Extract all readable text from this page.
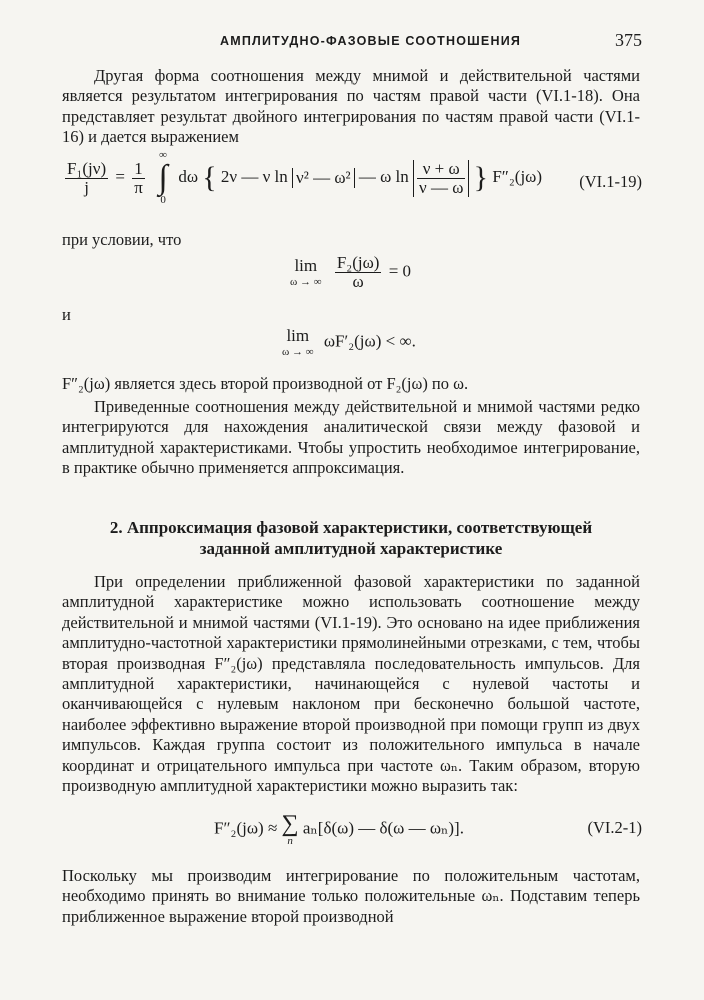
АМПЛИТУДНО-ФАЗОВЫЕ СООТНОШЕНИЯ	375

Другая форма соотношения между мнимой и действительной частями является результатом интегрирования по частям правой части (VI.1-18). Она представляет результат двойного интегрирования по частям правой части (VI.1-16) и дается выражением

$\frac{\text{F₁(jν)}}{j} = \frac{1}{\pi}$

∞
∫
0
dω { 2ν — ν ln ν² — ω² — ω $\ln \frac{\nu + \omega}{\nu — \omega}$ } F″₂(jω) (VI.1-19)

при условии, что

lim
ω → ∞
$\frac{\text{F₂(jω)}}{\omega} = 0$

и

lim
ω → ∞
ωF′₂(jω) < ∞.

F″₂(jω) является здесь второй производной от F₂(jω) по ω.

Приведенные соотношения между действительной и мнимой частями редко интегрируются для нахождения аналитической связи между фазовой и амплитудной характеристиками. Чтобы упростить необходимое интегрирование, в практике обычно применяется аппроксимация.

2. Аппроксимация фазовой характеристики, соответствующей
заданной амплитудной характеристике

При определении приближенной фазовой характеристики по заданной амплитудной характеристике можно использовать соотношение между действительной и мнимой частями (VI.1-19). Это основано на идее приближения амплитудно-частотной характеристики прямолинейными отрезками, с тем, чтобы вторая производная F″₂(jω) представляла последовательность импульсов. Для амплитудной характеристики, начинающейся с нулевой частоты и оканчивающейся с нулевым наклоном при бесконечно большой частоте, наиболее эффективно выражение второй производной при помощи групп из двух импульсов. Каждая группа состоит из положительного импульса в начале координат и отрицательного импульса при частоте ωₙ. Таким образом, вторую производную амплитудной характеристики можно выразить так:

F″₂(jω) ≈ ∑
n
aₙ[δ(ω) — δ(ω — ωₙ)].	(VI.2-1)

Поскольку мы производим интегрирование по положительным частотам, необходимо принять во внимание только положительные ωₙ. Подставим теперь приближенное выражение второй производной
